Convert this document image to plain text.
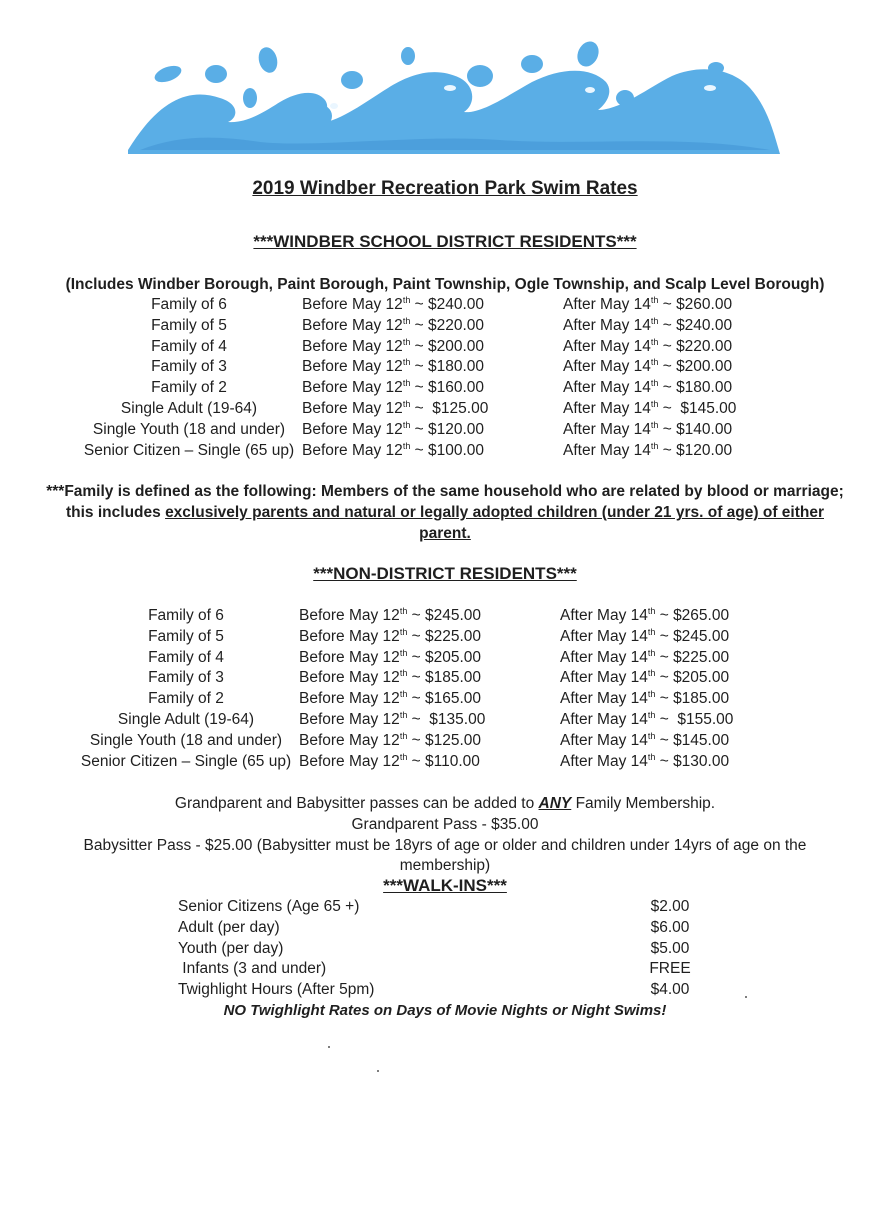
2019 Windber Recreation Park Swim Rates
***WINDBER SCHOOL DISTRICT RESIDENTS***
(Includes Windber Borough, Paint Borough, Paint Township, Ogle Township, and Scalp Level Borough)
Family of 6	Before May 12th ~ $240.00	After May 14th ~ $260.00
Family of 5	Before May 12th ~ $220.00	After May 14th ~ $240.00
Family of 4	Before May 12th ~ $200.00	After May 14th ~ $220.00
Family of 3	Before May 12th ~ $180.00	After May 14th ~ $200.00
Family of 2	Before May 12th ~ $160.00	After May 14th ~ $180.00
Single Adult (19-64)	Before May 12th ~  $125.00	After May 14th ~  $145.00
Single Youth (18 and under)	Before May 12th ~ $120.00	After May 14th ~ $140.00
Senior Citizen – Single (65 up) Before May 12th ~ $100.00	After May 14th ~ $120.00
***Family is defined as the following: Members of the same household who are related by blood or marriage; this includes exclusively parents and natural or legally adopted children (under 21 yrs. of age) of either parent.
***NON-DISTRICT RESIDENTS***
Family of 6	Before May 12th ~ $245.00	After May 14th ~ $265.00
Family of 5	Before May 12th ~ $225.00	After May 14th ~ $245.00
Family of 4	Before May 12th ~ $205.00	After May 14th ~ $225.00
Family of 3	Before May 12th ~ $185.00	After May 14th ~ $205.00
Family of 2	Before May 12th ~ $165.00	After May 14th ~ $185.00
Single Adult (19-64)	Before May 12th ~  $135.00	After May 14th ~  $155.00
Single Youth (18 and under)	Before May 12th ~ $125.00	After May 14th ~ $145.00
Senior Citizen – Single (65 up) Before May 12th ~ $110.00	After May 14th ~ $130.00
Grandparent and Babysitter passes can be added to ANY Family Membership.
Grandparent Pass - $35.00
Babysitter Pass - $25.00 (Babysitter must be 18yrs of age or older and children under 14yrs of age on the membership)
***WALK-INS***
Senior Citizens (Age 65 +)	$2.00
Adult (per day)	$6.00
Youth (per day)	$5.00
Infants (3 and under)	FREE
Twighlight Hours (After 5pm)	$4.00
NO Twighlight Rates on Days of Movie Nights or Night Swims!
